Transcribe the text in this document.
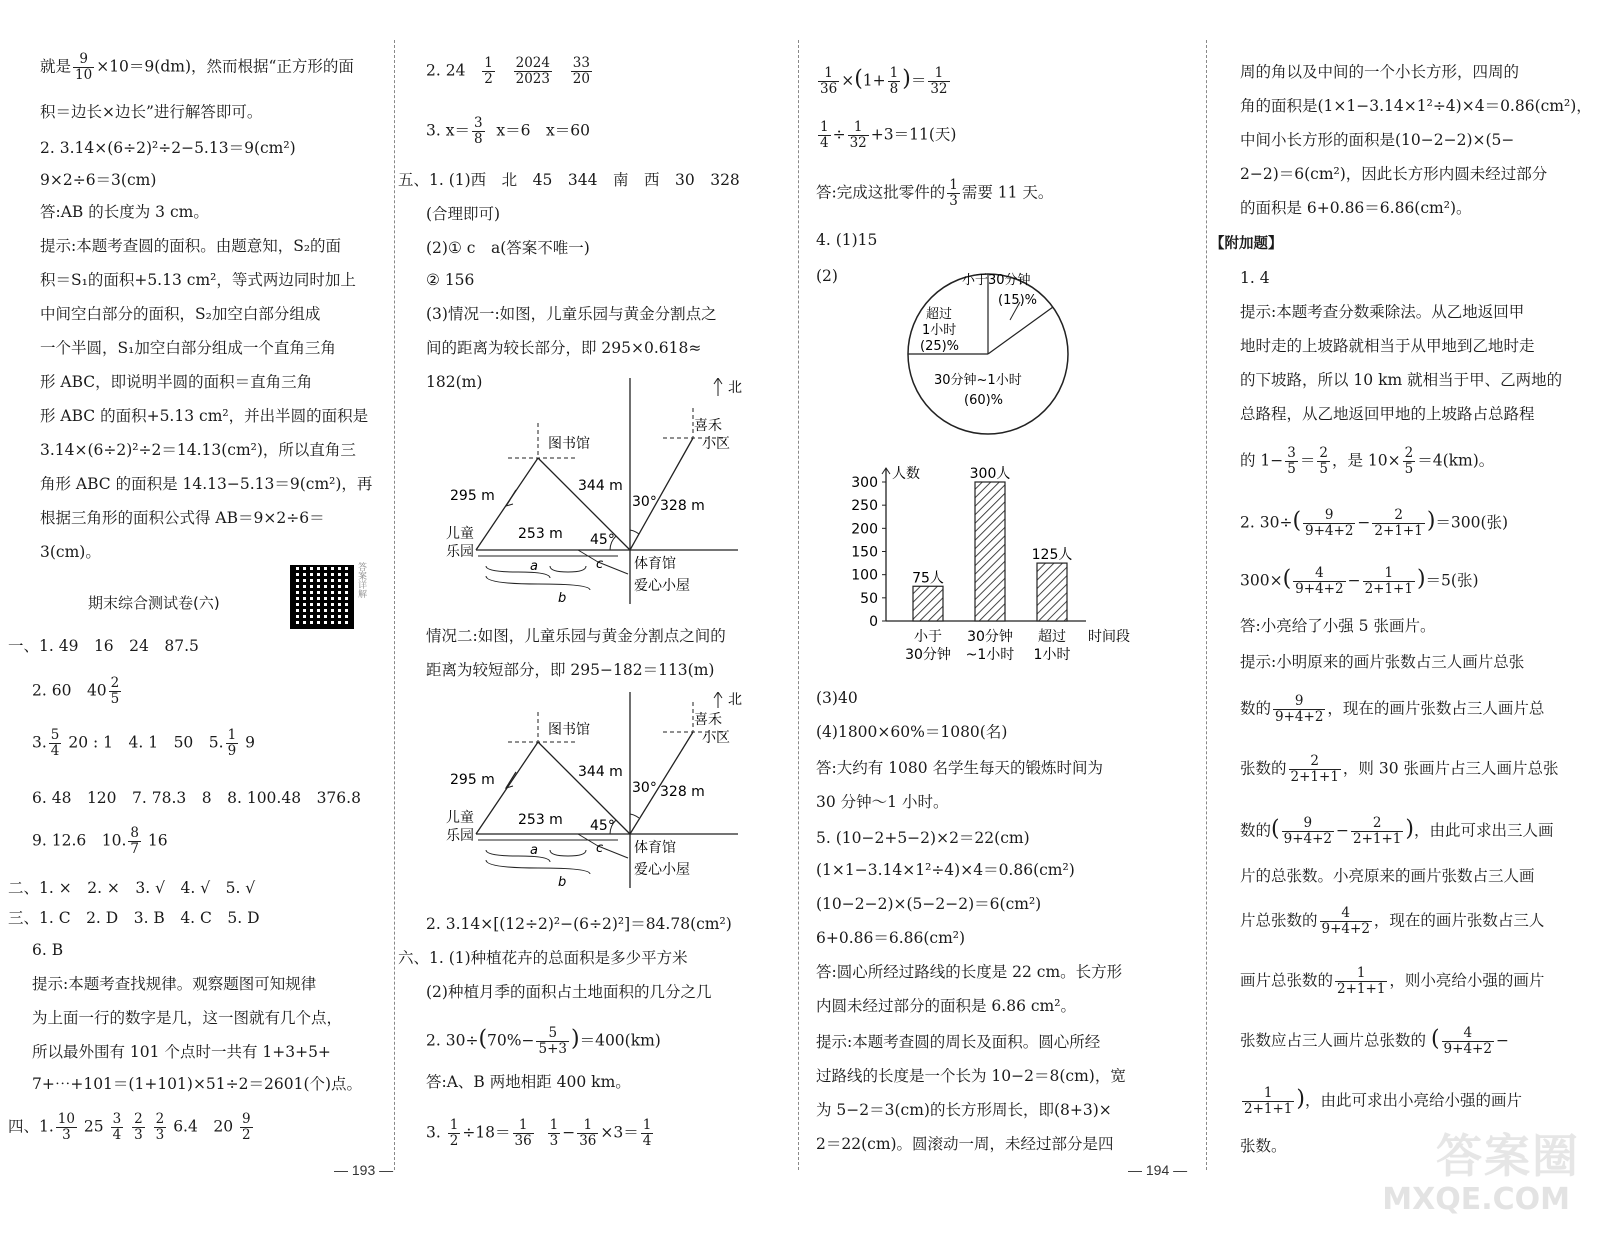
就是 $\frac{9}{10} \times 10=9(dm)$，然而根据“正方形的面
积＝边长×边长”进行解答即可。
2. 3.14×(6÷2)²÷2−5.13＝9(cm²)
9×2÷6＝3(cm)
答:AB 的长度为 3 cm。
提示:本题考查圆的面积。由题意知，S₂的面
积＝S₁的面积+5.13 cm²，等式两边同时加上
中间空白部分的面积，S₂加空白部分组成
一个半圆，S₁加空白部分组成一个直角三角
形 ABC，即说明半圆的面积＝直角三角
形 ABC 的面积+5.13 cm²，并出半圆的面积是
3.14×(6÷2)²÷2＝14.13(cm²)，所以直角三
角形 ABC 的面积是 14.13−5.13＝9(cm²)，再
根据三角形的面积公式得 AB＝9×2÷6＝
3(cm)。
期末综合测试卷(六)
答案详解
一、1. 49　16　24　87.5
2. 60　$40 \frac{2}{5}$
3. $\frac{5}{4} 20$ : 1　4. 1　50　5. $\frac{1}{9} 9$
6. 48　120　7. 78.3　8　8. 100.48　376.8
9. 12.6　10. $\frac{8}{7} 16$
二、1. ×　2. ×　3. √　4. √　5. √
三、1. C　2. D　3. B　4. C　5. D
6. B
提示:本题考查找规律。观察题图可知规律
为上面一行的数字是几，这一图就有几个点，
所以最外围有 101 个点时一共有 1+3+5+
7+⋯+101＝(1+101)×51÷2＝2601(个)点。
四、1. $\frac{10}{3} 25 \frac{3}{4}$
$\frac{2}{3}$
$\frac{2}{3} 6.4$　$20 \frac{9}{2}$
2. $24 \frac{1}{2}$
$\frac{2024}{2023}$
$\frac{33}{20}$
3. $x= \frac{3}{8} x=6$　x＝60
五、1. (1)西　北　45　344　南　西　30　328
(合理即可)
(2)① c　a(答案不唯一)
② 156
(3)情况一:如图，儿童乐园与黄金分割点之
间的距离为较长部分，即 295×0.618≈
182(m)
图书馆
北
喜禾
小区
295 m
344 m
328 m
253 m
30°
45°
儿童
乐园
体育馆
爱心小屋
a	c
b
情况二:如图，儿童乐园与黄金分割点之间的
距离为较短部分，即 295−182＝113(m)
图书馆
北
喜禾
小区
295 m	344 m
328 m
253 m
30°
45°
儿童
乐园
体育馆
爱心小屋
a	c
b
2. 3.14×[(12÷2)²−(6÷2)²]＝84.78(cm²)
六、1. (1)种植花卉的总面积是多少平方米
(2)种植月季的面积占土地面积的几分之几
2. $30\div(70\%- \frac{5}{5+3} )=400(km)$
答:A、B 两地相距 400 km。
3. $\frac{1}{2} \div 18= \frac{1}{36}$
$\frac{1}{3} - \frac{1}{36} \times 3= \frac{1}{4}$
$\frac{1}{36} \times(1+ \frac{1}{8}$ )＝ $\frac{1}{32}$
$\frac{1}{4} \div \frac{1}{32} +3=11$(天)
答:完成这批零件的 $\frac{1}{3}$ 需要 11 天。
4. (1)15
(2)	小于30分钟
(15)%
超过
1小时
(25)%
30分钟~1小时
(60)%
人数
时间段
0
50
100
150
200
250
300
75人
小于
30分钟
300人
30分钟
~1小时
125人
超过
1小时
(3)40
(4)1800×60%＝1080(名)
答:大约有 1080 名学生每天的锻炼时间为
30 分钟～1 小时。
5. (10−2+5−2)×2＝22(cm)
(1×1−3.14×1²÷4)×4＝0.86(cm²)
(10−2−2)×(5−2−2)＝6(cm²)
6+0.86＝6.86(cm²)
答:圆心所经过路线的长度是 22 cm。长方形
内圆未经过部分的面积是 6.86 cm²。
提示:本题考查圆的周长及面积。圆心所经
过路线的长度是一个长为 10−2＝8(cm)，宽
为 5−2＝3(cm)的长方形周长，即(8+3)×
2＝22(cm)。圆滚动一周，未经过部分是四
周的角以及中间的一个小长方形，四周的
角的面积是(1×1−3.14×1²÷4)×4＝0.86(cm²)，
中间小长方形的面积是(10−2−2)×(5−
2−2)＝6(cm²)，因此长方形内圆未经过部分
的面积是 6+0.86＝6.86(cm²)。
【附加题】
1. 4
提示:本题考查分数乘除法。从乙地返回甲
地时走的上坡路就相当于从甲地到乙地时走
的下坡路，所以 10 km 就相当于甲、乙两地的
总路程，从乙地返回甲地的上坡路占总路程
的 $1- \frac{3}{5} = \frac{2}{5}$ ，是 $10\times \frac{2}{5} =4(km)$。
2. $30\div( \frac{9}{9+4+2} - \frac{2}{2+1+1} )=300$(张)
$300\times( \frac{4}{9+4+2} - \frac{1}{2+1+1} )=5$(张)
答:小亮给了小强 5 张画片。
提示:小明原来的画片张数占三人画片总张
数的 $\frac{9}{9+4+2}$ ，现在的画片张数占三人画片总
张数的 $\frac{2}{2+1+1}$ ，则 30 张画片占三人画片总张
数的( $\frac{9}{9+4+2} - \frac{2}{2+1+1}$ )，由此可求出三人画
片的总张数。小亮原来的画片张数占三人画
片总张数的 $\frac{4}{9+4+2}$ ，现在的画片张数占三人
画片总张数的 $\frac{1}{2+1+1}$ ，则小亮给小强的画片
张数应占三人画片总张数的 ( $\frac{4}{9+4+2}$ −
$\frac{1}{2+1+1}$ )，由此可求出小亮给小强的画片
张数。
— 193 —	— 194 —	答案圈
MXQE.COM
